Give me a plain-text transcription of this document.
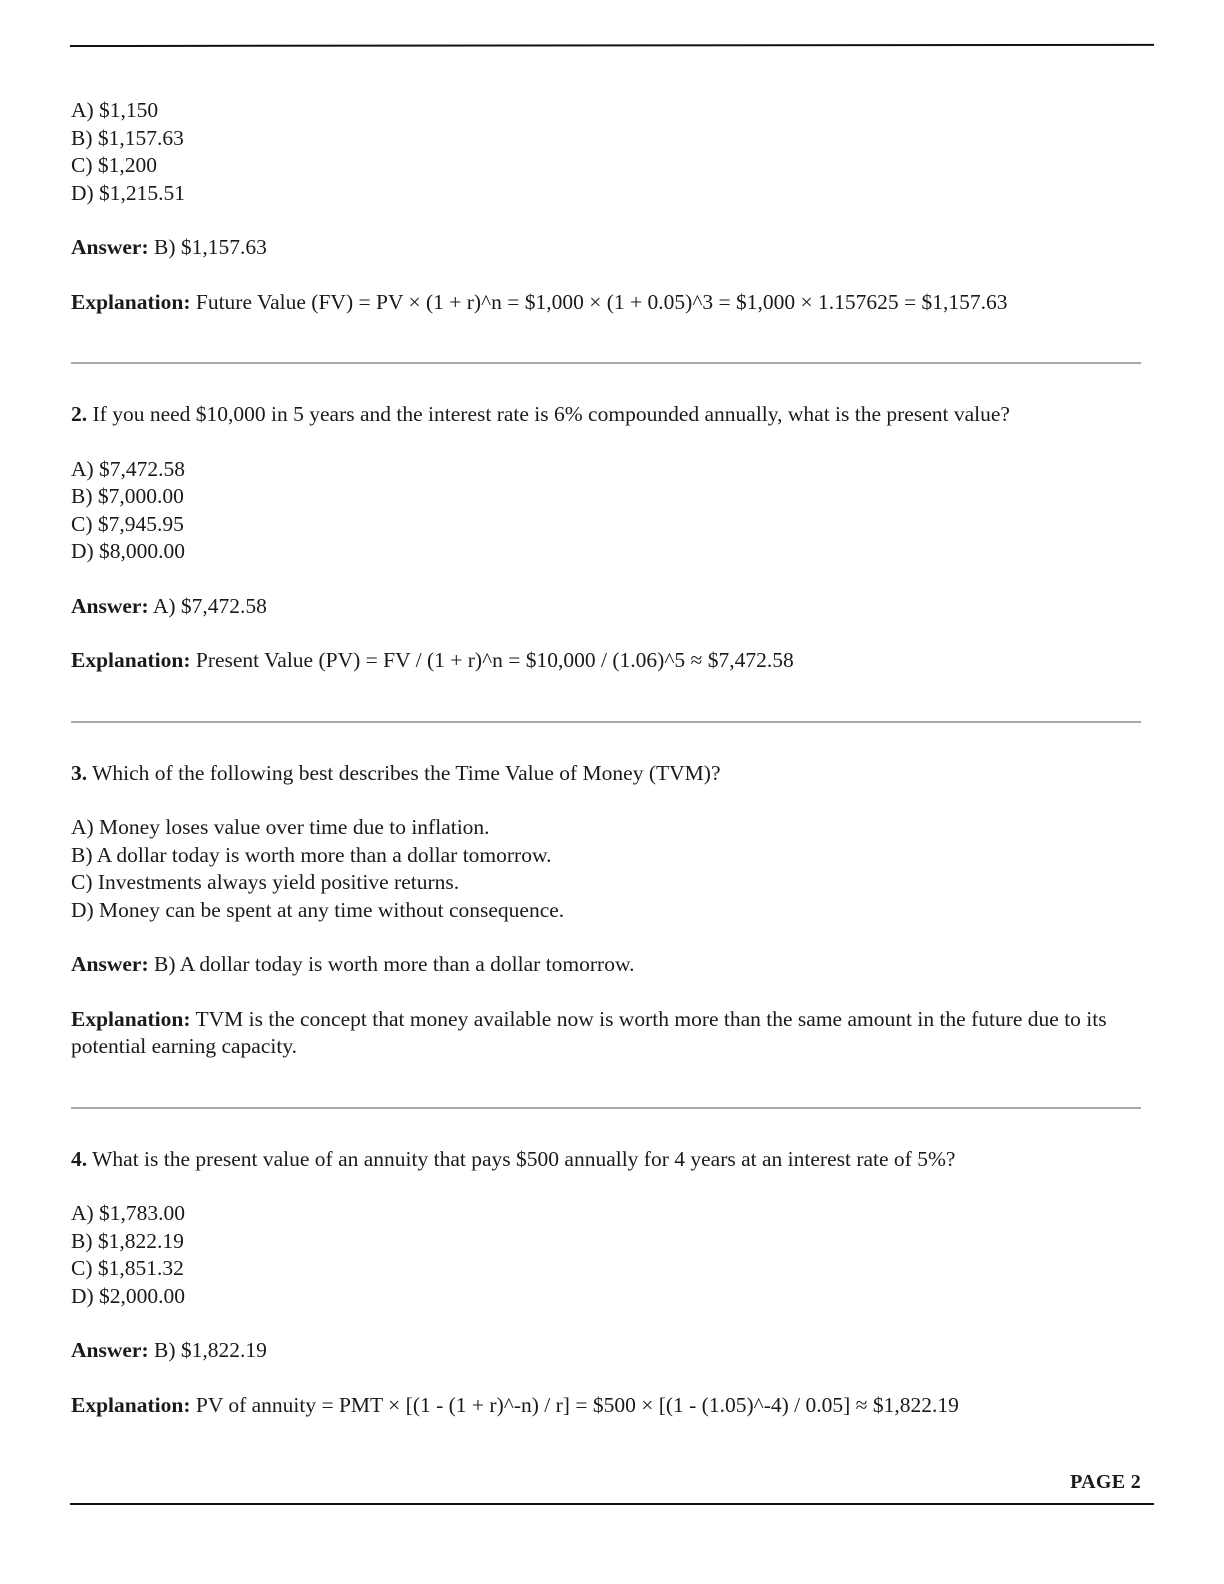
A) $1,150
B) $1,157.63
C) $1,200
D) $1,215.51
Answer: B) $1,157.63
Explanation: Future Value (FV) = PV × (1 + r)^n = $1,000 × (1 + 0.05)^3 = $1,000 × 1.157625 = $1,157.63
2. If you need $10,000 in 5 years and the interest rate is 6% compounded annually, what is the present value?
A) $7,472.58
B) $7,000.00
C) $7,945.95
D) $8,000.00
Answer: A) $7,472.58
Explanation: Present Value (PV) = FV / (1 + r)^n = $10,000 / (1.06)^5 ≈ $7,472.58
3. Which of the following best describes the Time Value of Money (TVM)?
A) Money loses value over time due to inflation.
B) A dollar today is worth more than a dollar tomorrow.
C) Investments always yield positive returns.
D) Money can be spent at any time without consequence.
Answer: B) A dollar today is worth more than a dollar tomorrow.
Explanation: TVM is the concept that money available now is worth more than the same amount in the future due to its potential earning capacity.
4. What is the present value of an annuity that pays $500 annually for 4 years at an interest rate of 5%?
A) $1,783.00
B) $1,822.19
C) $1,851.32
D) $2,000.00
Answer: B) $1,822.19
Explanation: PV of annuity = PMT × [(1 - (1 + r)^-n) / r] = $500 × [(1 - (1.05)^-4) / 0.05] ≈ $1,822.19
PAGE 2
